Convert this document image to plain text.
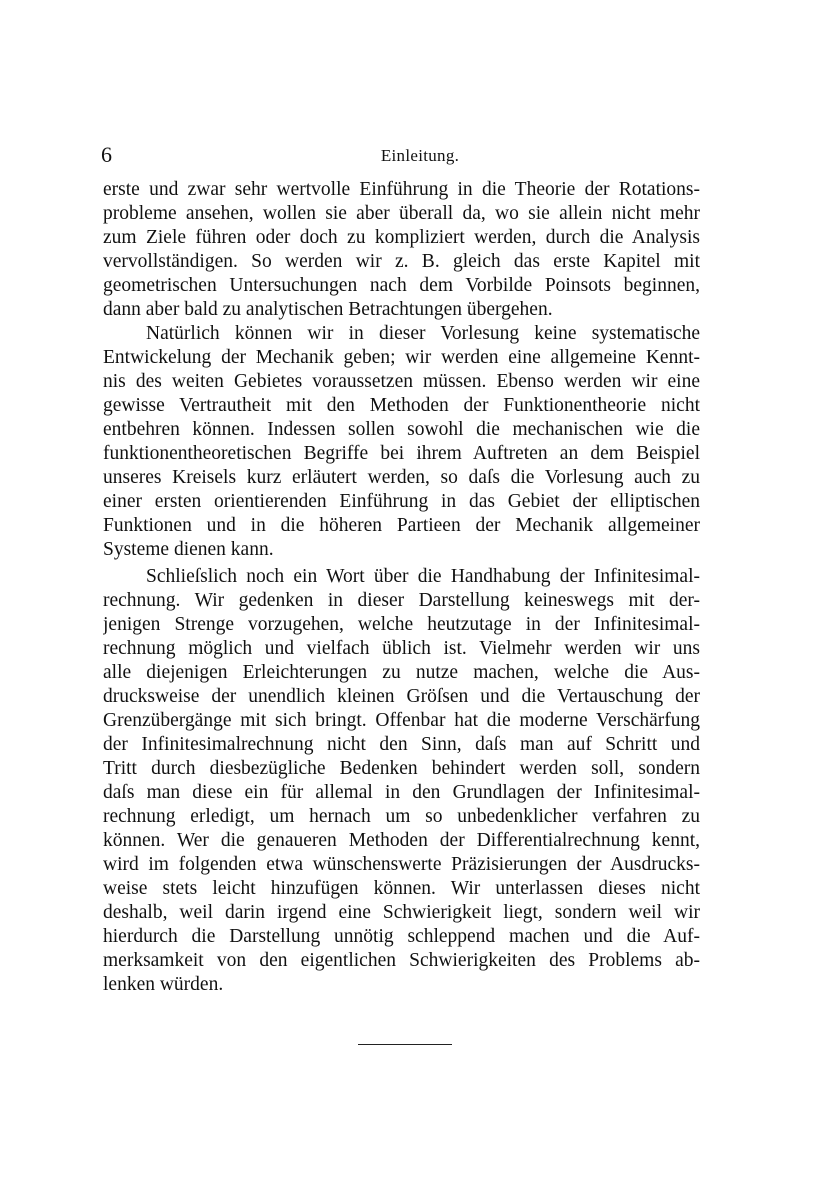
6	Einleitung.
erste und zwar sehr wertvolle Einführung in die Theorie der Rotations-
probleme ansehen, wollen sie aber überall da, wo sie allein nicht mehr
zum Ziele führen oder doch zu kompliziert werden, durch die Analysis
vervollständigen. So werden wir z. B. gleich das erste Kapitel mit
geometrischen Untersuchungen nach dem Vorbilde Poinsots beginnen,
dann aber bald zu analytischen Betrachtungen übergehen.
Natürlich können wir in dieser Vorlesung keine systematische
Entwickelung der Mechanik geben; wir werden eine allgemeine Kennt-
nis des weiten Gebietes voraussetzen müssen. Ebenso werden wir eine
gewisse Vertrautheit mit den Methoden der Funktionentheorie nicht
entbehren können. Indessen sollen sowohl die mechanischen wie die
funktionentheoretischen Begriffe bei ihrem Auftreten an dem Beispiel
unseres Kreisels kurz erläutert werden, so daſs die Vorlesung auch zu
einer ersten orientierenden Einführung in das Gebiet der elliptischen
Funktionen und in die höheren Partieen der Mechanik allgemeiner
Systeme dienen kann.
Schlieſslich noch ein Wort über die Handhabung der Infinitesimal-
rechnung. Wir gedenken in dieser Darstellung keineswegs mit der-
jenigen Strenge vorzugehen, welche heutzutage in der Infinitesimal-
rechnung möglich und vielfach üblich ist. Vielmehr werden wir uns
alle diejenigen Erleichterungen zu nutze machen, welche die Aus-
drucksweise der unendlich kleinen Gröſsen und die Vertauschung der
Grenzübergänge mit sich bringt. Offenbar hat die moderne Verschärfung
der Infinitesimalrechnung nicht den Sinn, daſs man auf Schritt und
Tritt durch diesbezügliche Bedenken behindert werden soll, sondern
daſs man diese ein für allemal in den Grundlagen der Infinitesimal-
rechnung erledigt, um hernach um so unbedenklicher verfahren zu
können. Wer die genaueren Methoden der Differentialrechnung kennt,
wird im folgenden etwa wünschenswerte Präzisierungen der Ausdrucks-
weise stets leicht hinzufügen können. Wir unterlassen dieses nicht
deshalb, weil darin irgend eine Schwierigkeit liegt, sondern weil wir
hierdurch die Darstellung unnötig schleppend machen und die Auf-
merksamkeit von den eigentlichen Schwierigkeiten des Problems ab-
lenken würden.
